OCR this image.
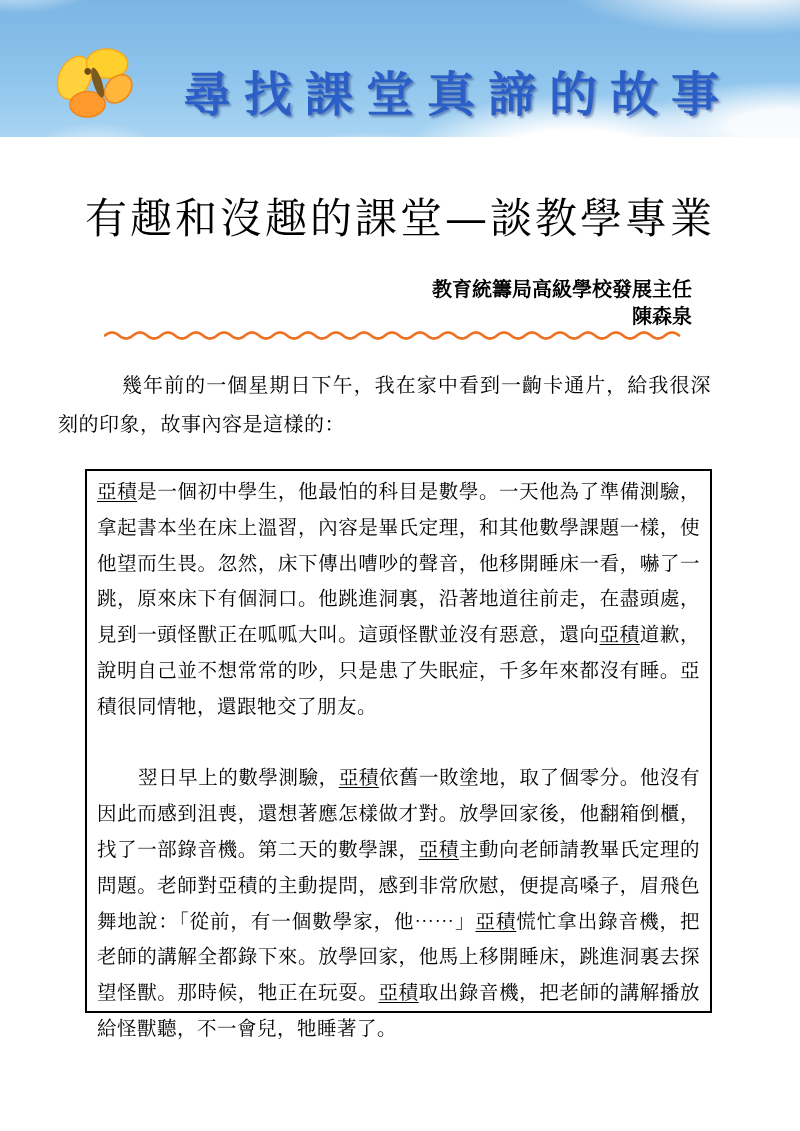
尋找課堂真諦的故事
有趣和沒趣的課堂—談教學專業
教育統籌局高級學校發展主任
陳森泉

幾年前的一個星期日下午，我在家中看到一齣卡通片，給我很深刻的印象，故事內容是這樣的：

亞積是一個初中學生，他最怕的科目是數學。一天他為了準備測驗，拿起書本坐在床上溫習，內容是畢氏定理，和其他數學課題一樣，使他望而生畏。忽然，床下傳出嘈吵的聲音，他移開睡床一看，嚇了一跳，原來床下有個洞口。他跳進洞裏，沿著地道往前走，在盡頭處，見到一頭怪獸正在呱呱大叫。這頭怪獸並沒有惡意，還向亞積道歉，說明自己並不想常常的吵，只是患了失眠症，千多年來都沒有睡。亞積很同情牠，還跟牠交了朋友。

翌日早上的數學測驗，亞積依舊一敗塗地，取了個零分。他沒有因此而感到沮喪，還想著應怎樣做才對。放學回家後，他翻箱倒櫃，找了一部錄音機。第二天的數學課，亞積主動向老師請教畢氏定理的問題。老師對亞積的主動提問，感到非常欣慰，便提高嗓子，眉飛色舞地說：「從前，有一個數學家，他⋯⋯」亞積慌忙拿出錄音機，把老師的講解全都錄下來。放學回家，他馬上移開睡床，跳進洞裏去探望怪獸。那時候，牠正在玩耍。亞積取出錄音機，把老師的講解播放給怪獸聽，不一會兒，牠睡著了。
